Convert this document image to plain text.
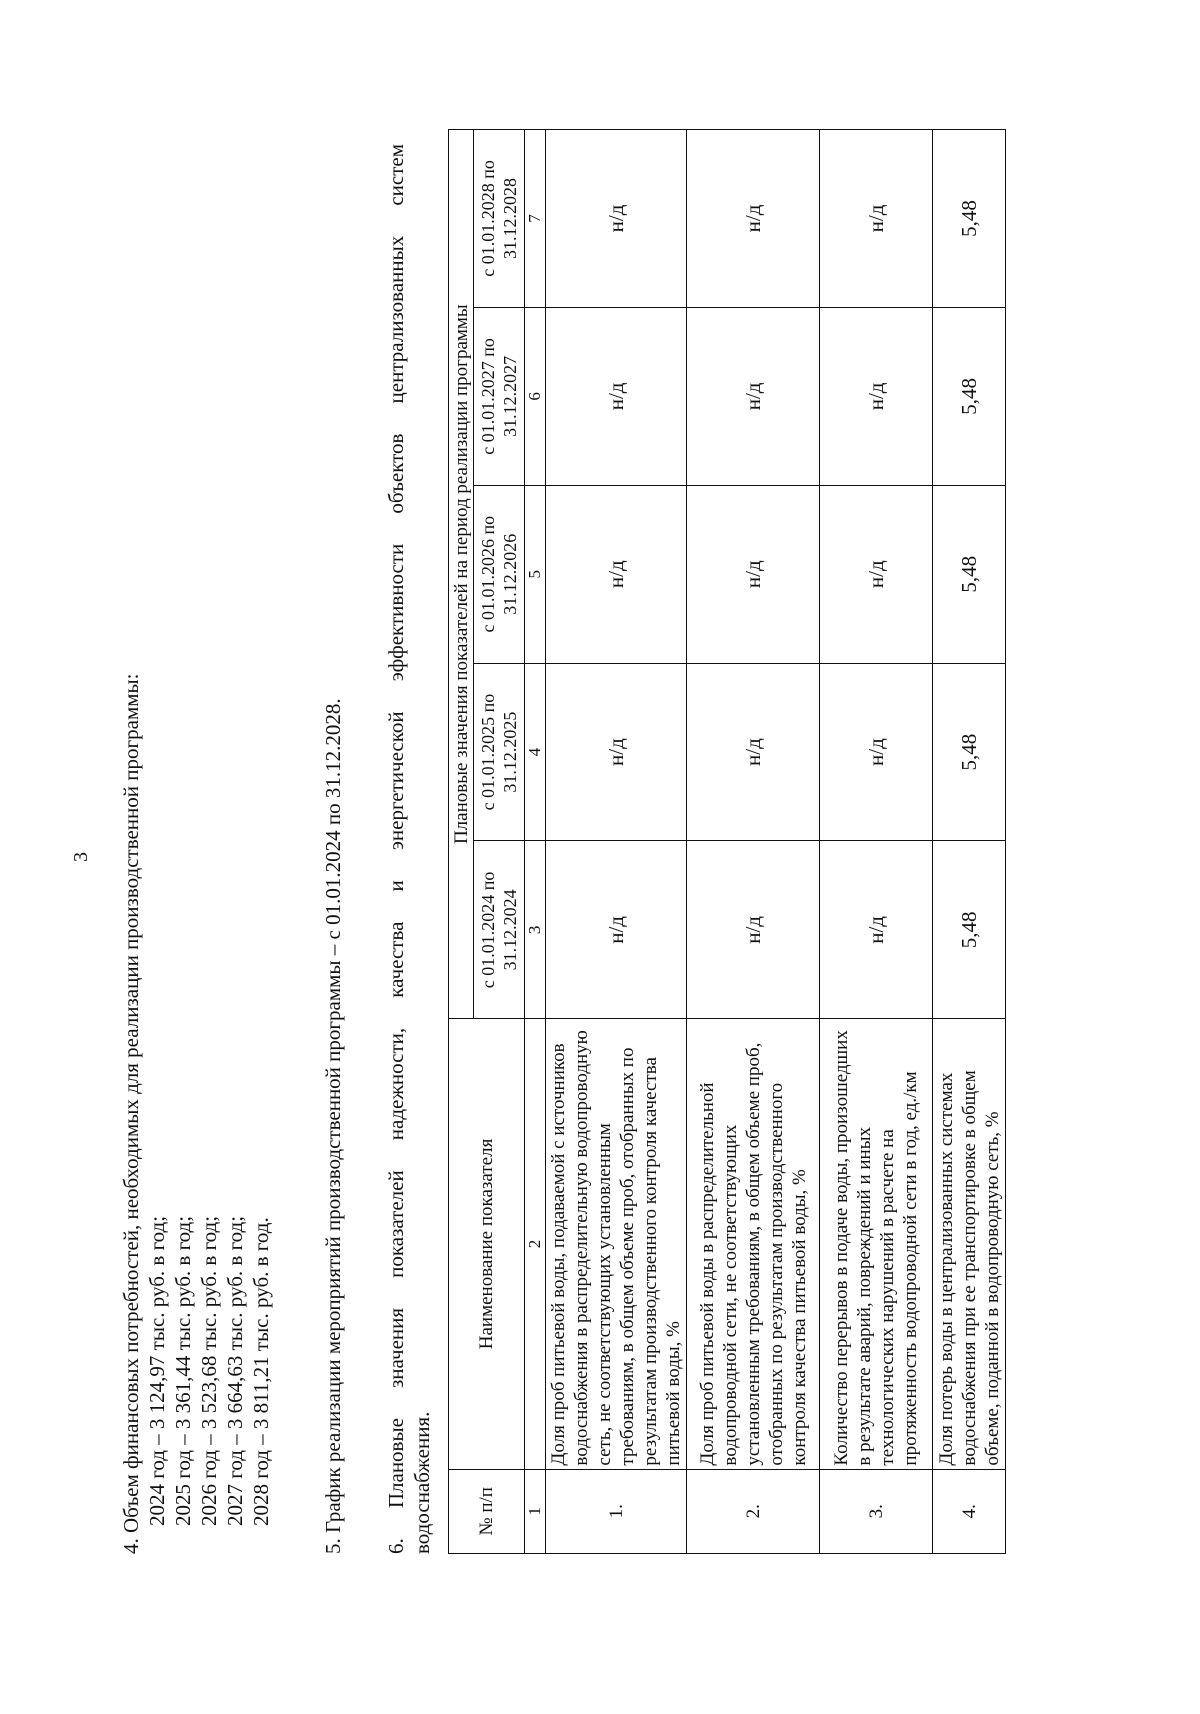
3 4. Объем финансовых потребностей, необходимых для реализации производственной программы: 2024 год – 3 124,97 тыс. руб. в год; 2025 год – 3 361,44 тыс. руб. в год; 2026 год – 3 523,68 тыс. руб. в год; 2027 год – 3 664,63 тыс. руб. в год; 2028 год – 3 811,21 тыс. руб. в год. 5. График реализации мероприятий производственной программы – с 01.01.2024 по 31.12.2028. 6. Плановые значения показателей надежности, качества и энергетической эффективности объектов централизованных систем водоснабжения. № п/п	Наименование показателя	Плановые значения показателей на период реализации программы				
		с 01.01.2024 по 31.12.2024	с 01.01.2025 по 31.12.2025	с 01.01.2026 по 31.12.2026	с 01.01.2027 по 31.12.2027	с 01.01.2028 по 31.12.2028
1	2	3	4	5	6	7
1.	Доля проб питьевой воды, подаваемой с источников водоснабжения в распределительную водопроводную сеть, не соответствующих установленным требованиям, в общем объеме проб, отобранных по результатам производственного контроля качества питьевой воды, %	н/д	н/д	н/д	н/д	н/д
2.	Доля проб питьевой воды в распределительной водопроводной сети, не соответствующих установленным требованиям, в общем объеме проб, отобранных по результатам производственного контроля качества питьевой воды, %	н/д	н/д	н/д	н/д	н/д
3.	Количество перерывов в подаче воды, произошедших в результате аварий, повреждений и иных технологических нарушений в расчете на протяженность водопроводной сети в год, ед./км	н/д	н/д	н/д	н/д	н/д
4.	Доля потерь воды в централизованных системах водоснабжения при ее транспортировке в общем объеме, поданной в водопроводную сеть, %	5,48	5,48	5,48	5,48	5,48
